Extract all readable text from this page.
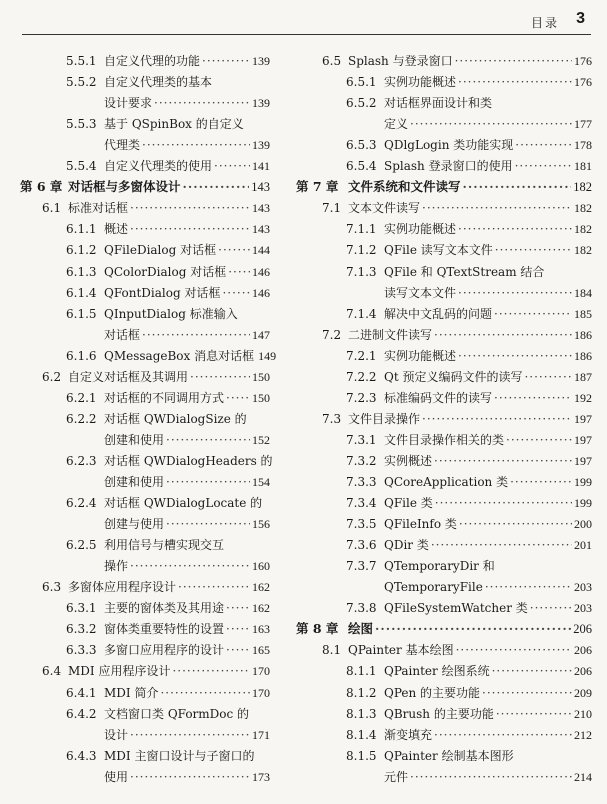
目录 3
5.5.1 自定义代理的功能 ·····	139
5.5.2 自定义代理类的基本
设计要求 ·····	139
5.5.3 基于 QSpinBox 的自定义
代理类 ·····	139
5.5.4 自定义代理类的使用 ·····	141
第 6 章 对话框与多窗体设计 ·····	143
6.1 标准对话框 ·····	143
6.1.1 概述 ·····	143
6.1.2 QFileDialog 对话框 ·····	144
6.1.3 QColorDialog 对话框 ····· 146
6.1.4 QFontDialog 对话框 ·····	146
6.1.5 QInputDialog 标准输入
对话框 ·····	147
6.1.6 QMessageBox 消息对话框 149
6.2 自定义对话框及其调用 ·····	150
6.2.1 对话框的不同调用方式 ····· 150
6.2.2 对话框 QWDialogSize 的
创建和使用 ·····	152
6.2.3 对话框 QWDialogHeaders 的
创建和使用 ·····	154
6.2.4 对话框 QWDialogLocate 的
创建与使用 ·····	156
6.2.5 利用信号与槽实现交互
操作 ·····	160
6.3 多窗体应用程序设计 ·····	162
6.3.1 主要的窗体类及其用途 ····· 162
6.3.2 窗体类重要特性的设置 ····· 163
6.3.3 多窗口应用程序的设计 ····· 165
6.4 MDI 应用程序设计 ·····	170
6.4.1 MDI 简介 ·····	170
6.4.2 文档窗口类 QFormDoc 的
设计 ·····	171
6.4.3 MDI 主窗口设计与子窗口的
使用 ·····	173
6.5 Splash 与登录窗口 ·····	176
6.5.1 实例功能概述 ·····	176
6.5.2 对话框界面设计和类
定义 ·····	177
6.5.3 QDlgLogin 类功能实现 ·····	178
6.5.4 Splash 登录窗口的使用 ·····	181
第 7 章 文件系统和文件读写 ·····	182
7.1 文本文件读写 ·····	182
7.1.1 实例功能概述 ·····	182
7.1.2 QFile 读写文本文件 ·····	182
7.1.3 QFile 和 QTextStream 结合
读写文本文件 ·····	184
7.1.4 解决中文乱码的问题 ·····	185
7.2 二进制文件读写 ·····	186
7.2.1 实例功能概述 ·····	186
7.2.2 Qt 预定义编码文件的读写 ·····	187
7.2.3 标准编码文件的读写 ·····	192
7.3 文件目录操作 ·····	197
7.3.1 文件目录操作相关的类 ·····	197
7.3.2 实例概述 ·····	197
7.3.3 QCoreApplication 类 ·····	199
7.3.4 QFile 类 ·····	199
7.3.5 QFileInfo 类 ·····	200
7.3.6 QDir 类 ·····	201
7.3.7 QTemporaryDir 和
QTemporaryFile ·····	203
7.3.8 QFileSystemWatcher 类 ·····	203
第 8 章 绘图 ·····	206
8.1 QPainter 基本绘图 ·····	206
8.1.1 QPainter 绘图系统 ·····	206
8.1.2 QPen 的主要功能 ·····	209
8.1.3 QBrush 的主要功能 ·····	210
8.1.4 渐变填充 ·····	212
8.1.5 QPainter 绘制基本图形
元件 ·····	214
